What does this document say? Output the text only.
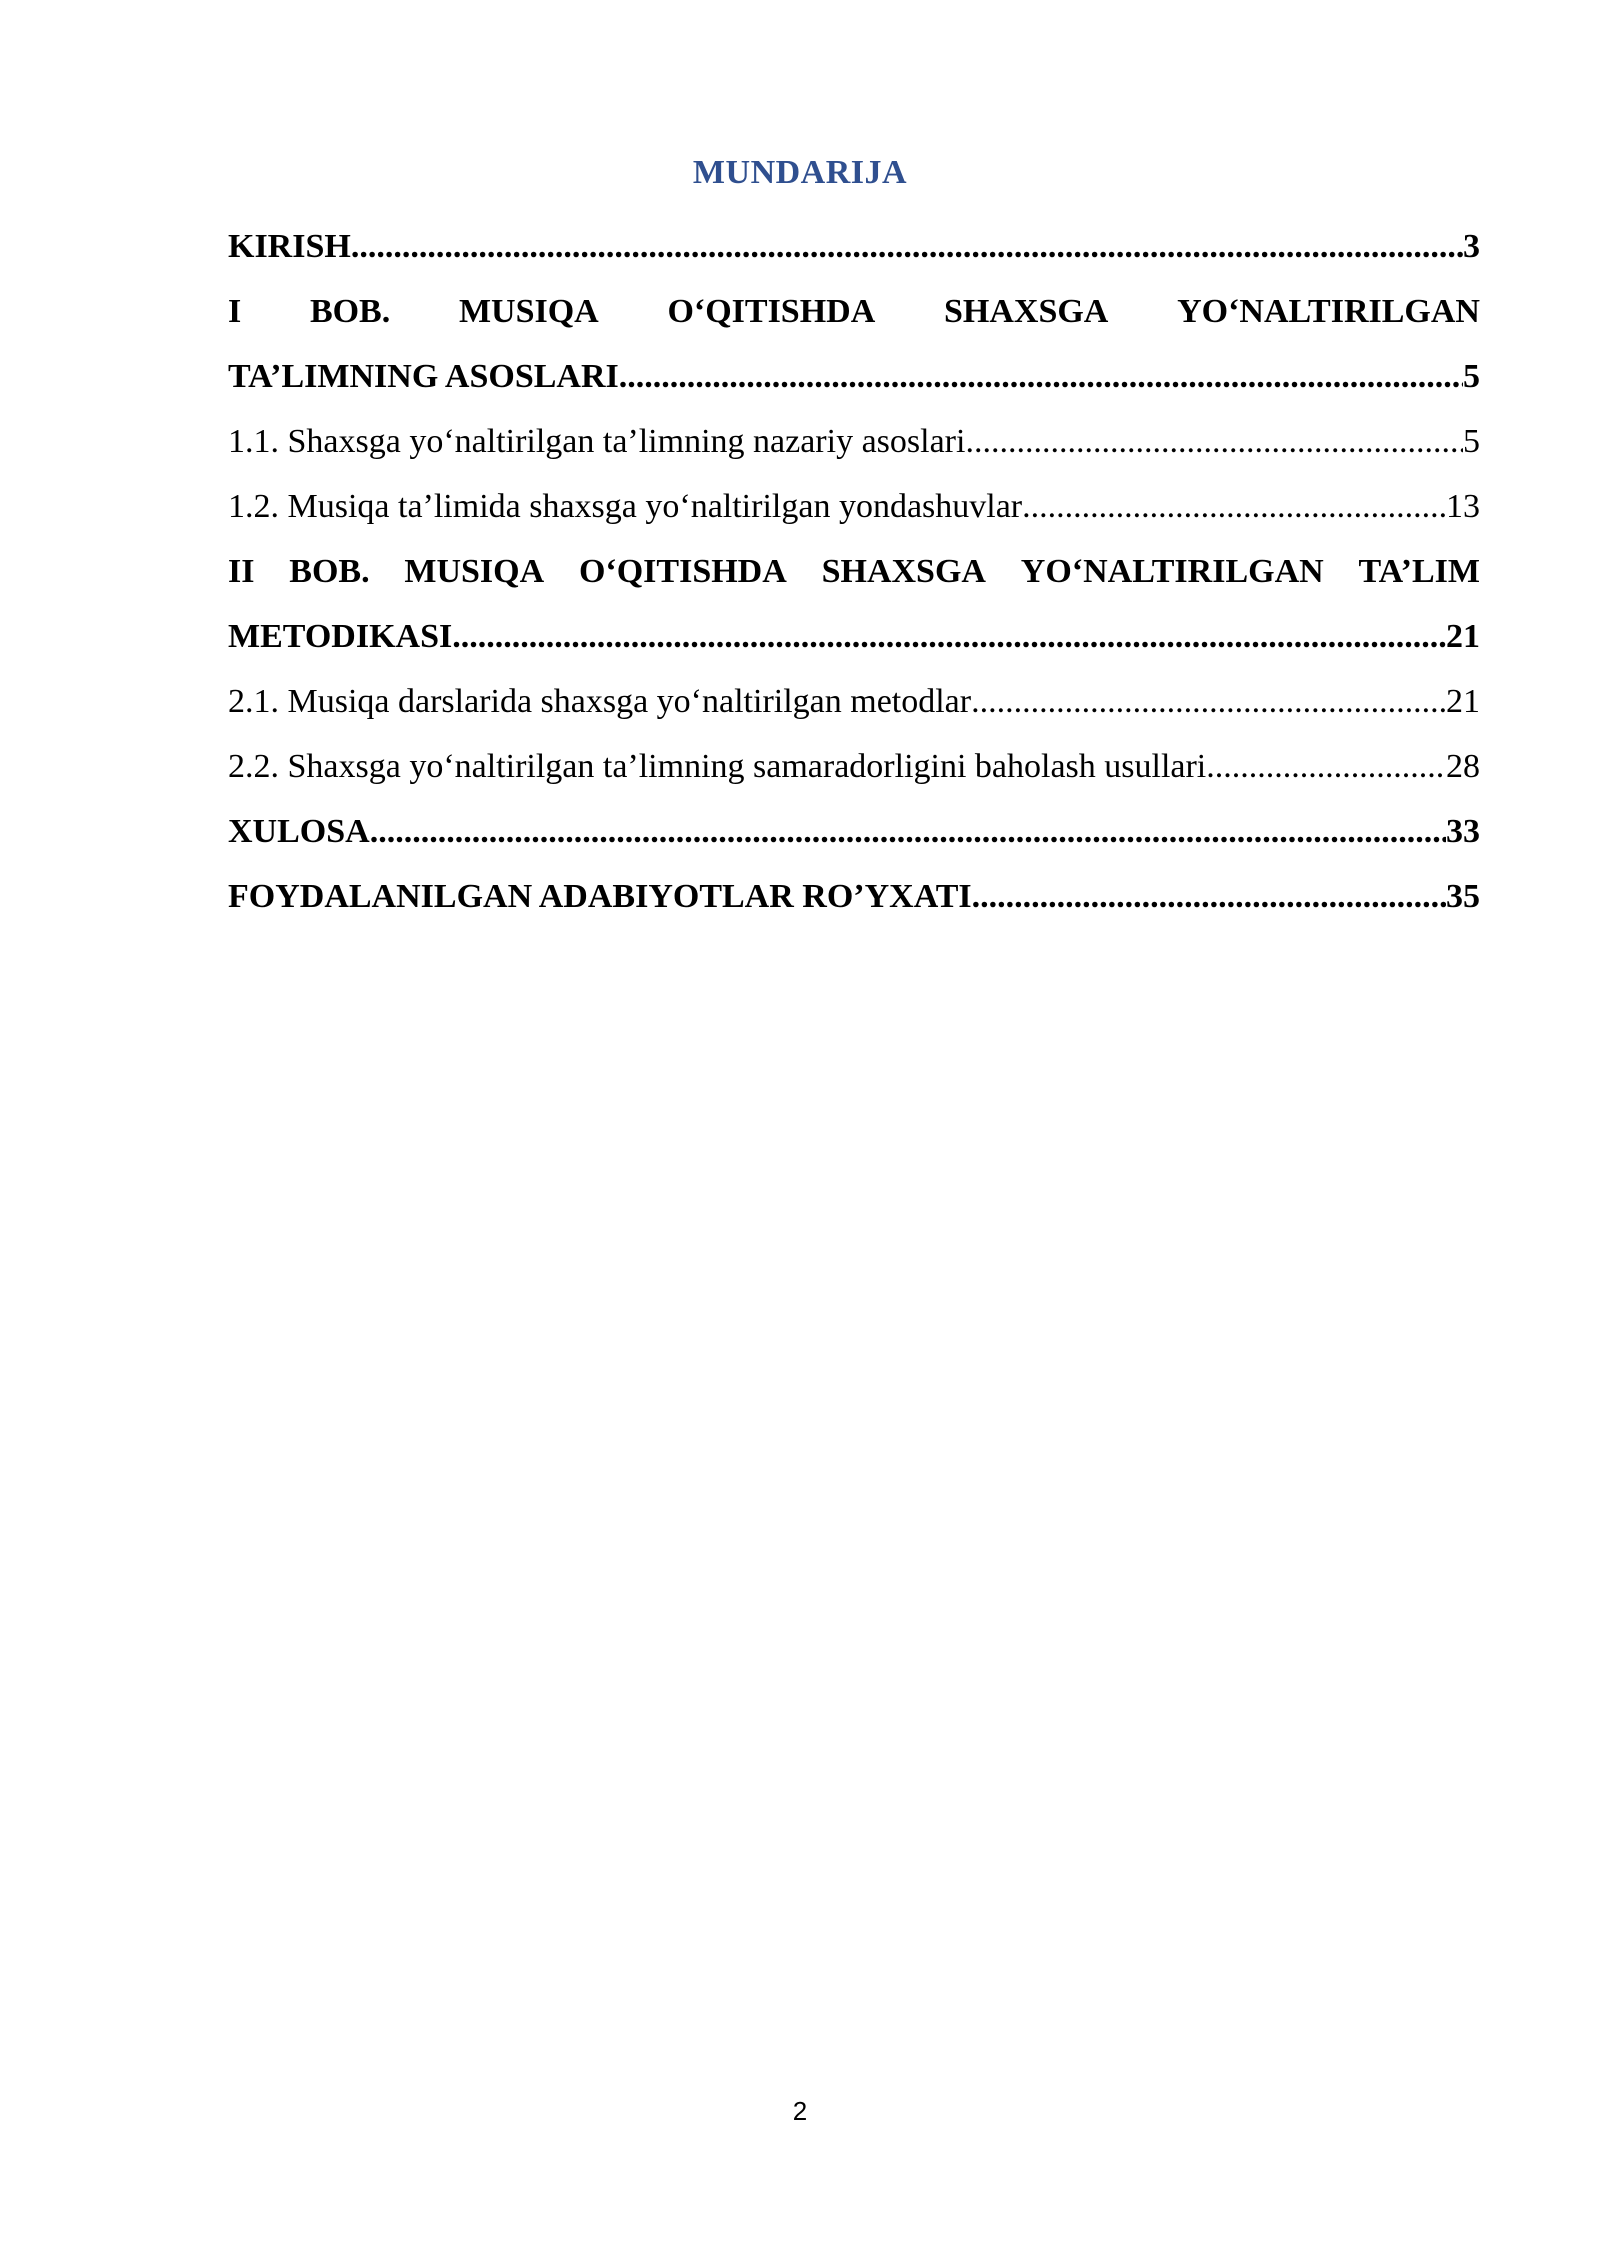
MUNDARIJA
KIRISH .....	3
I BOB. MUSIQA O‘QITISHDA SHAXSGA YO‘NALTIRILGAN
TA’LIMNING ASOSLARI .....	5
1.1. Shaxsga yo‘naltirilgan ta’limning nazariy asoslari .....	5
1.2. Musiqa ta’limida shaxsga yo‘naltirilgan yondashuvlar .....	13
II BOB. MUSIQA O‘QITISHDA SHAXSGA YO‘NALTIRILGAN TA’LIM
METODIKASI .....	21
2.1. Musiqa darslarida shaxsga yo‘naltirilgan metodlar .....	21
2.2. Shaxsga yo‘naltirilgan ta’limning samaradorligini baholash usullari .....	28
XULOSA .....	33
FOYDALANILGAN ADABIYOTLAR RO’YXATI .....	35
2
